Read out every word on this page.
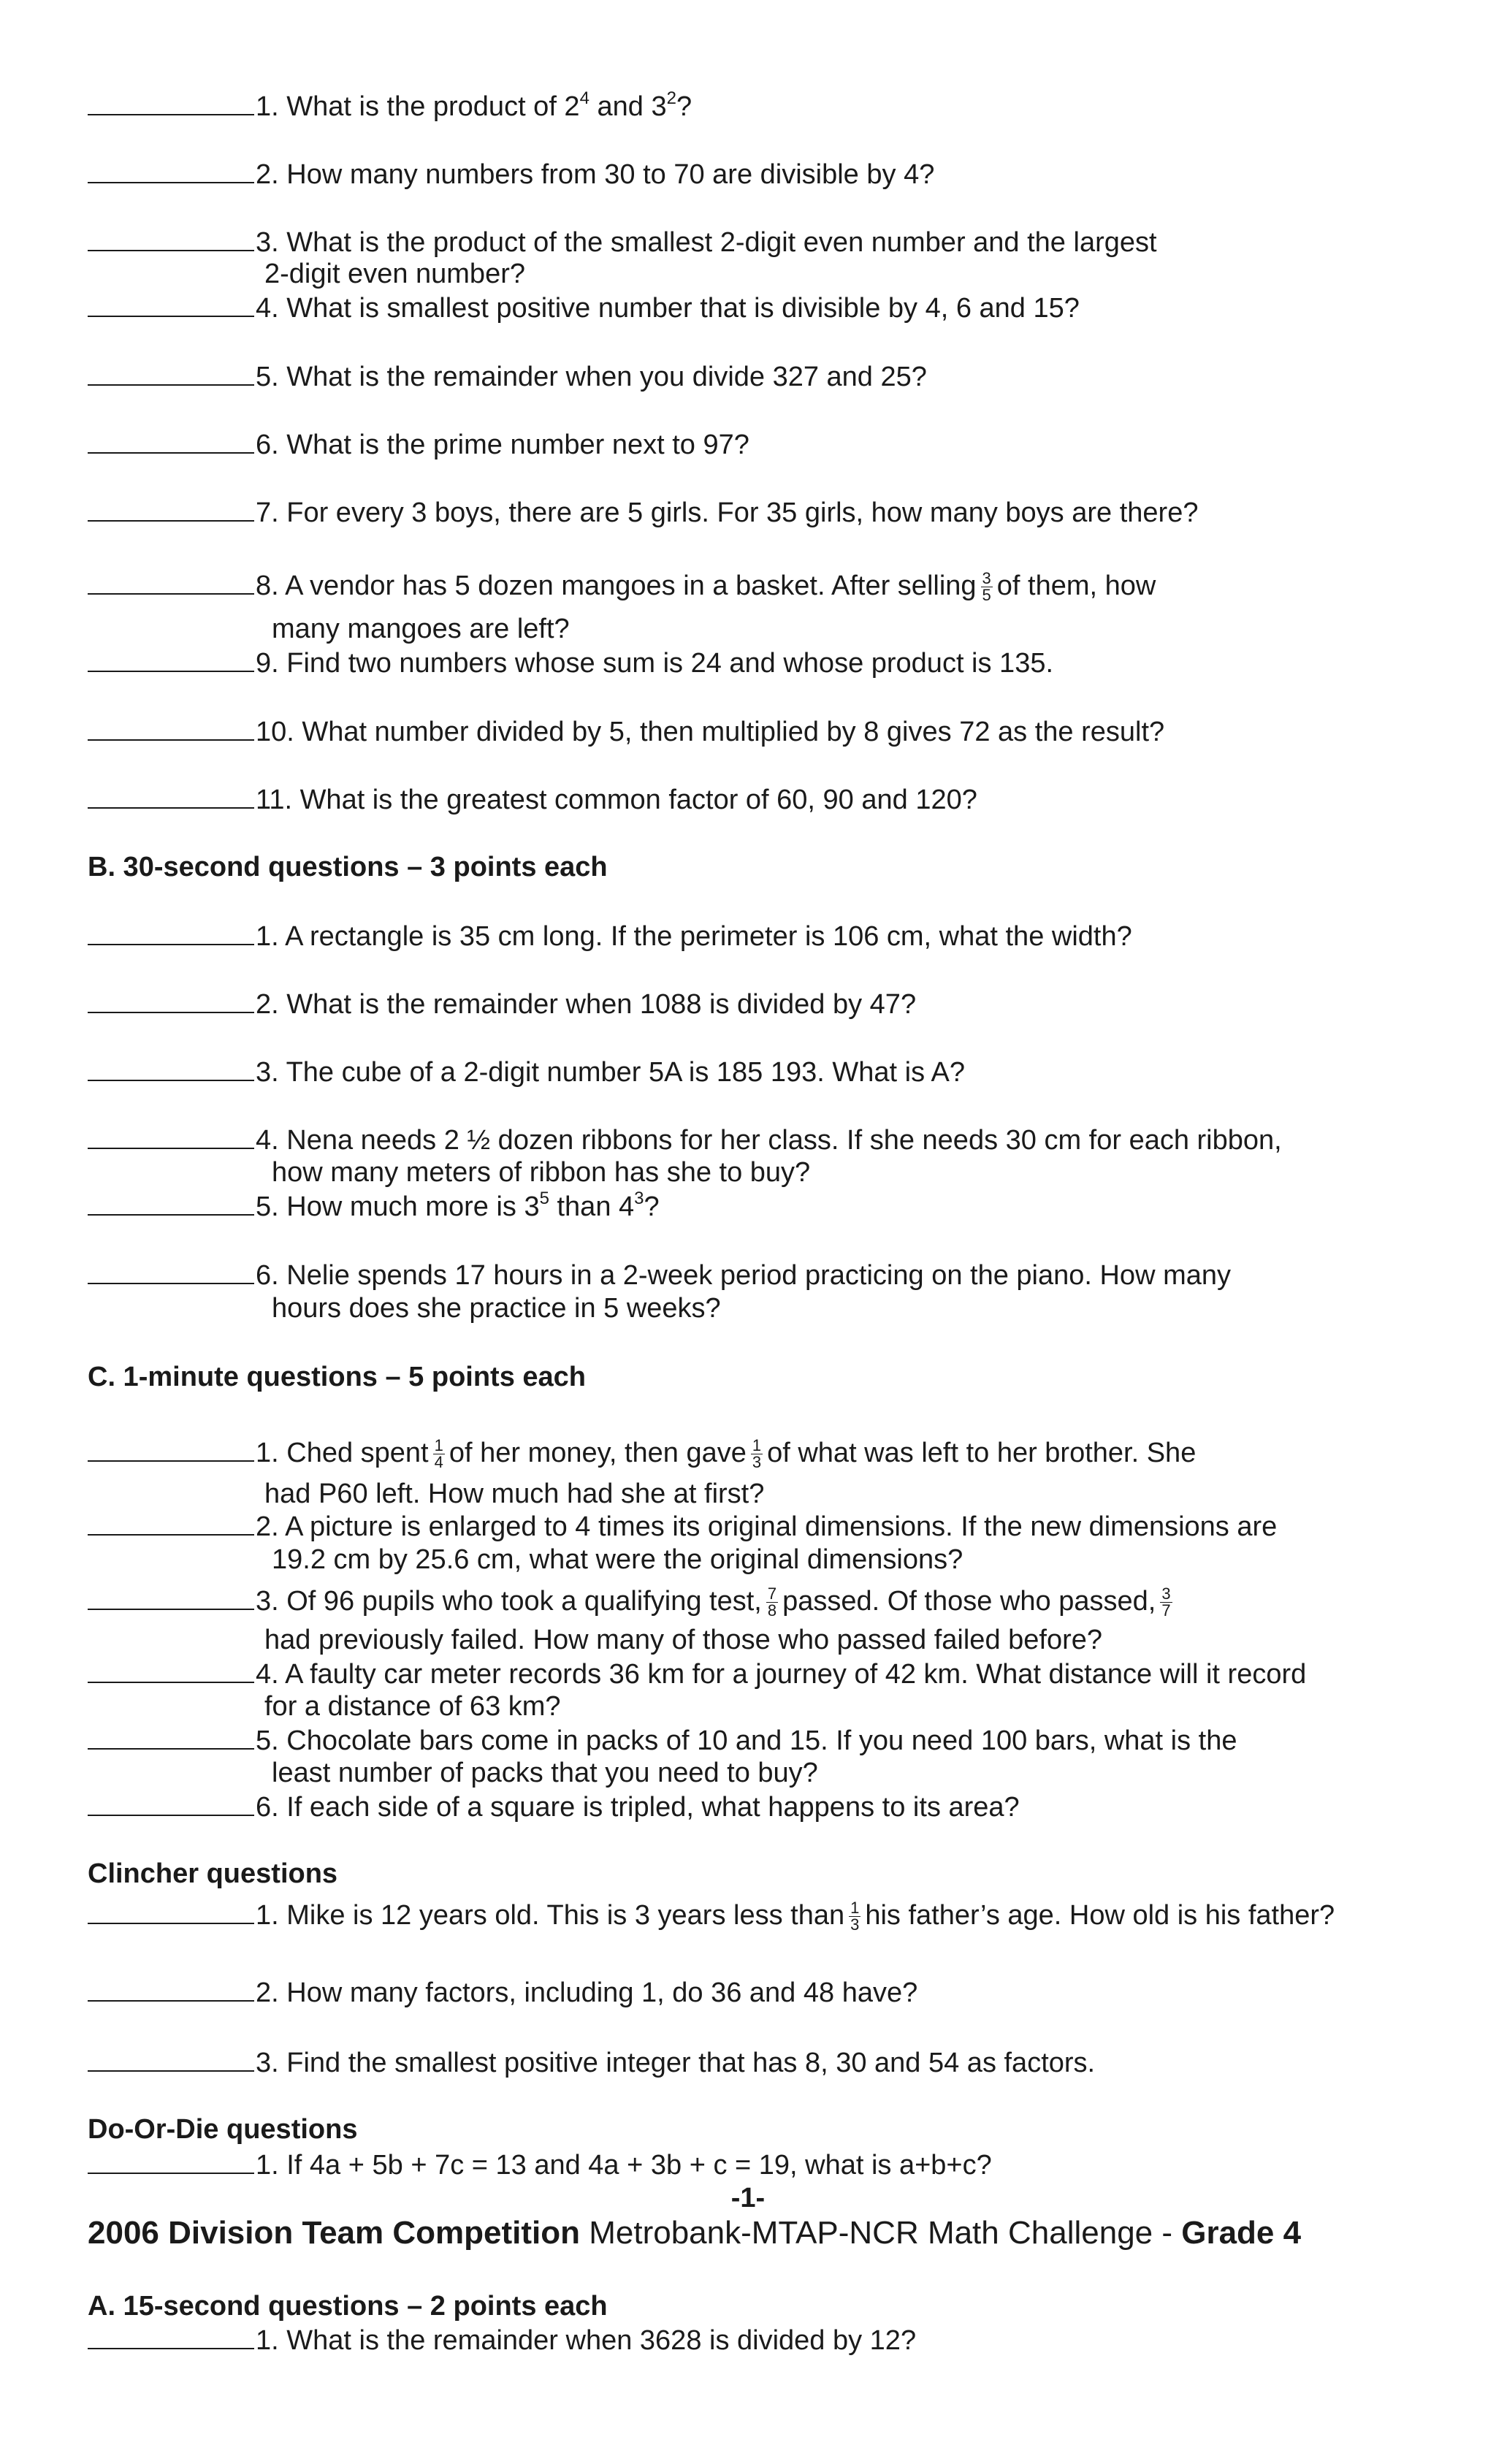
1. What is the product of $2^4$ and $3^2$?
2. How many numbers from 30 to 70 are divisible by 4?
3. What is the product of the smallest 2-digit even number and the largest
2-digit even number?
4. What is smallest positive number that is divisible by 4, 6 and 15?
5. What is the remainder when you divide 327 and 25?
6. What is the prime number next to 97?
7. For every 3 boys, there are 5 girls. For 35 girls, how many boys are there?
8. A vendor has 5 dozen mangoes in a basket. After selling $\frac{3}{5}$ of them, how
many mangoes are left?
9. Find two numbers whose sum is 24 and whose product is 135.
10. What number divided by 5, then multiplied by 8 gives 72 as the result?
11. What is the greatest common factor of 60, 90 and 120?
B. 30-second questions – 3 points each
1. A rectangle is 35 cm long. If the perimeter is 106 cm, what the width?
2. What is the remainder when 1088 is divided by 47?
3. The cube of a 2-digit number 5A is 185 193. What is A?
4. Nena needs 2 ½ dozen ribbons for her class. If she needs 30 cm for each ribbon,
how many meters of ribbon has she to buy?
5. How much more is $3^5$ than $4^3$?
6. Nelie spends 17 hours in a 2-week period practicing on the piano. How many
hours does she practice in 5 weeks?
C. 1-minute questions – 5 points each
1. Ched spent $\frac{1}{4}$ of her money, then gave $\frac{1}{3}$ of what was left to her brother. She
had P60 left. How much had she at first?
2. A picture is enlarged to 4 times its original dimensions. If the new dimensions are
19.2 cm by 25.6 cm, what were the original dimensions?
3. Of 96 pupils who took a qualifying test, $\frac{7}{8}$ passed. Of those who passed, $\frac{3}{7}$
had previously failed. How many of those who passed failed before?
4. A faulty car meter records 36 km for a journey of 42 km. What distance will it record
for a distance of 63 km?
5. Chocolate bars come in packs of 10 and 15. If you need 100 bars, what is the
least number of packs that you need to buy?
6. If each side of a square is tripled, what happens to its area?
Clincher questions
1. Mike is 12 years old. This is 3 years less than $\frac{1}{3}$ his father’s age. How old is his father?
2. How many factors, including 1, do 36 and 48 have?
3. Find the smallest positive integer that has 8, 30 and 54 as factors.
Do-Or-Die questions
1. If 4a + 5b + 7c = 13 and 4a + 3b + c = 19, what is a+b+c?
-1-
2006 Division Team Competition Metrobank-MTAP-NCR Math Challenge - Grade 4
A. 15-second questions – 2 points each
1. What is the remainder when 3628 is divided by 12?
